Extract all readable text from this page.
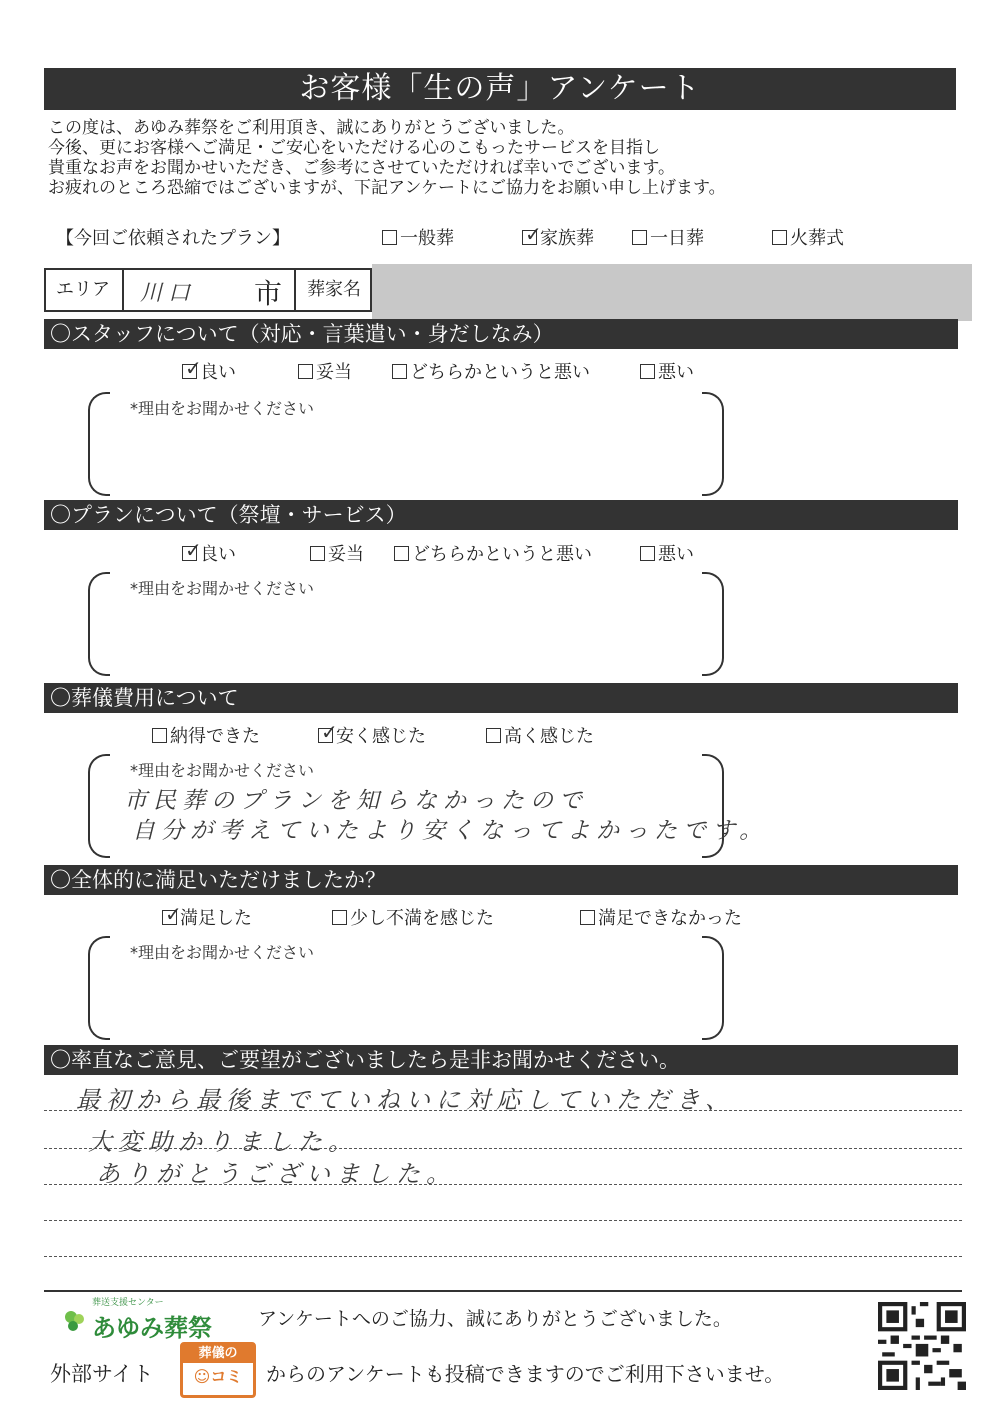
お客様「生の声」アンケート
この度は、あゆみ葬祭をご利用頂き、誠にありがとうございました。
今後、更にお客様へご満足・ご安心をいただける心のこもったサービスを目指し
貴重なお声をお聞かせいただき、ご参考にさせていただければ幸いでございます。
お疲れのところ恐縮ではございますが、下記アンケートにご協力をお願い申し上げます。
【今回ご依頼されたプラン】	一般葬	✓
家族葬	一日葬	火葬式
エリア	川口 市	葬家名
〇スタッフについて（対応・言葉遣い・身だしなみ）
✓
良い	妥当	どちらかというと悪い	悪い
*理由をお聞かせください
〇プランについて（祭壇・サービス）
✓
良い	妥当	どちらかというと悪い	悪い
*理由をお聞かせください
〇葬儀費用について
納得できた	✓
安く感じた	高く感じた
*理由をお聞かせください
市民葬のプランを知らなかったので
自分が考えていたより安くなってよかったです。
〇全体的に満足いただけましたか？
✓
満足した	少し不満を感じた	満足できなかった
*理由をお聞かせください
〇率直なご意見、ご要望がございましたら是非お聞かせください。
最初から最後までていねいに対応していただき、
大変助かりました。
ありがとうございました。
葬送支援センター
あゆみ葬祭 アンケートへのご協力、誠にありがとうございました。
外部サイト
葬儀の
☺コミ	からのアンケートも投稿できますのでご利用下さいませ。
